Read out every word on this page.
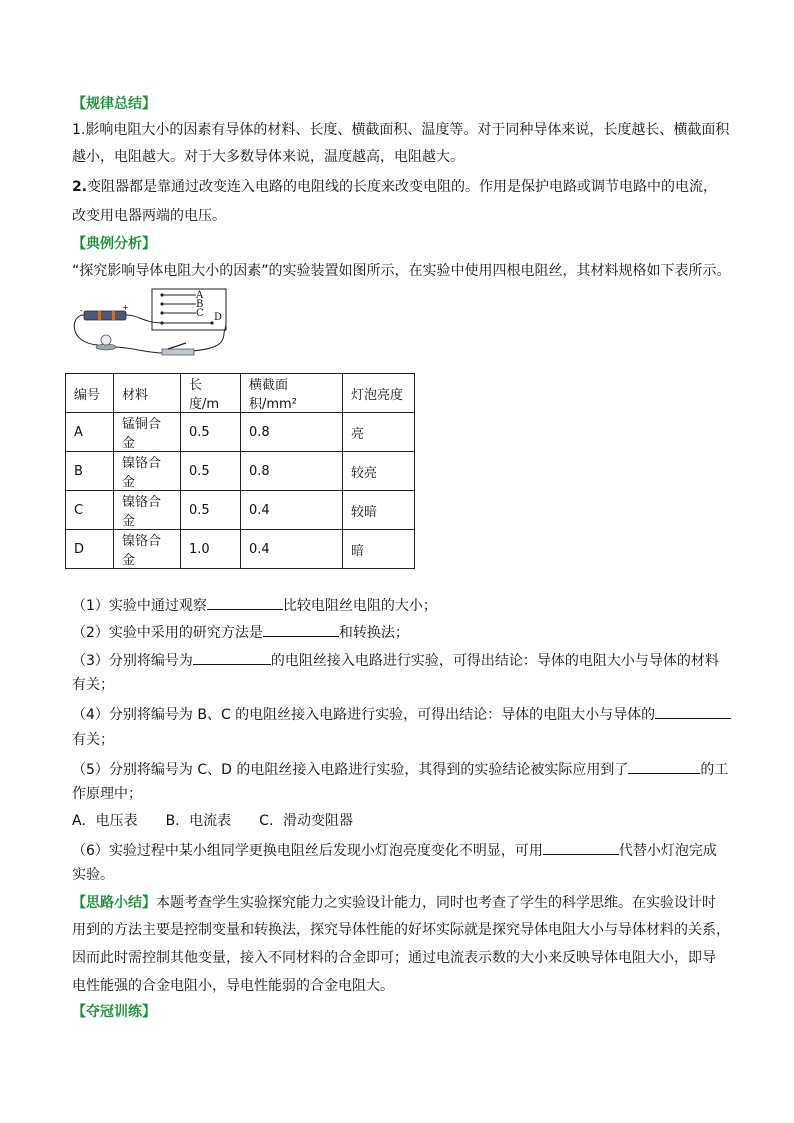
【规律总结】
1.影响电阻大小的因素有导体的材料、长度、横截面积、温度等。对于同种导体来说，长度越长、横截面积
越小，电阻越大。对于大多数导体来说，温度越高，电阻越大。
2.变阻器都是靠通过改变连入电路的电阻线的长度来改变电阻的。作用是保护电路或调节电路中的电流，
改变用电器两端的电压。
【典例分析】
“探究影响导体电阻大小的因素”的实验装置如图所示，在实验中使用四根电阻丝，其材料规格如下表所示。
A
B
C D
-	+
编号	材料	长度/m	横截面积/mm²	灯泡亮度
A	锰铜合金	0.5	0.8	亮
B	镍铬合金	0.5	0.8	较亮
C	镍铬合金	0.5	0.4	较暗
D	镍铬合金	1.0	0.4	暗
（1）实验中通过观察	比较电阻丝电阻的大小；
（2）实验中采用的研究方法是	和转换法；
（3）分别将编号为	的电阻丝接入电路进行实验，可得出结论：导体的电阻大小与导体的材料
有关；
（4）分别将编号为 B、C 的电阻丝接入电路进行实验，可得出结论：导体的电阻大小与导体的
有关；
（5）分别将编号为 C、D 的电阻丝接入电路进行实验，其得到的实验结论被实际应用到了	的工
作原理中；
A．电压表　　B．电流表　　C．滑动变阻器
（6）实验过程中某小组同学更换电阻丝后发现小灯泡亮度变化不明显，可用	代替小灯泡完成
实验。
【思路小结】本题考查学生实验探究能力之实验设计能力，同时也考查了学生的科学思维。在实验设计时
用到的方法主要是控制变量和转换法，探究导体性能的好坏实际就是探究导体电阻大小与导体材料的关系，
因而此时需控制其他变量，接入不同材料的合金即可；通过电流表示数的大小来反映导体电阻大小，即导
电性能强的合金电阻小，导电性能弱的合金电阻大。
【夺冠训练】
